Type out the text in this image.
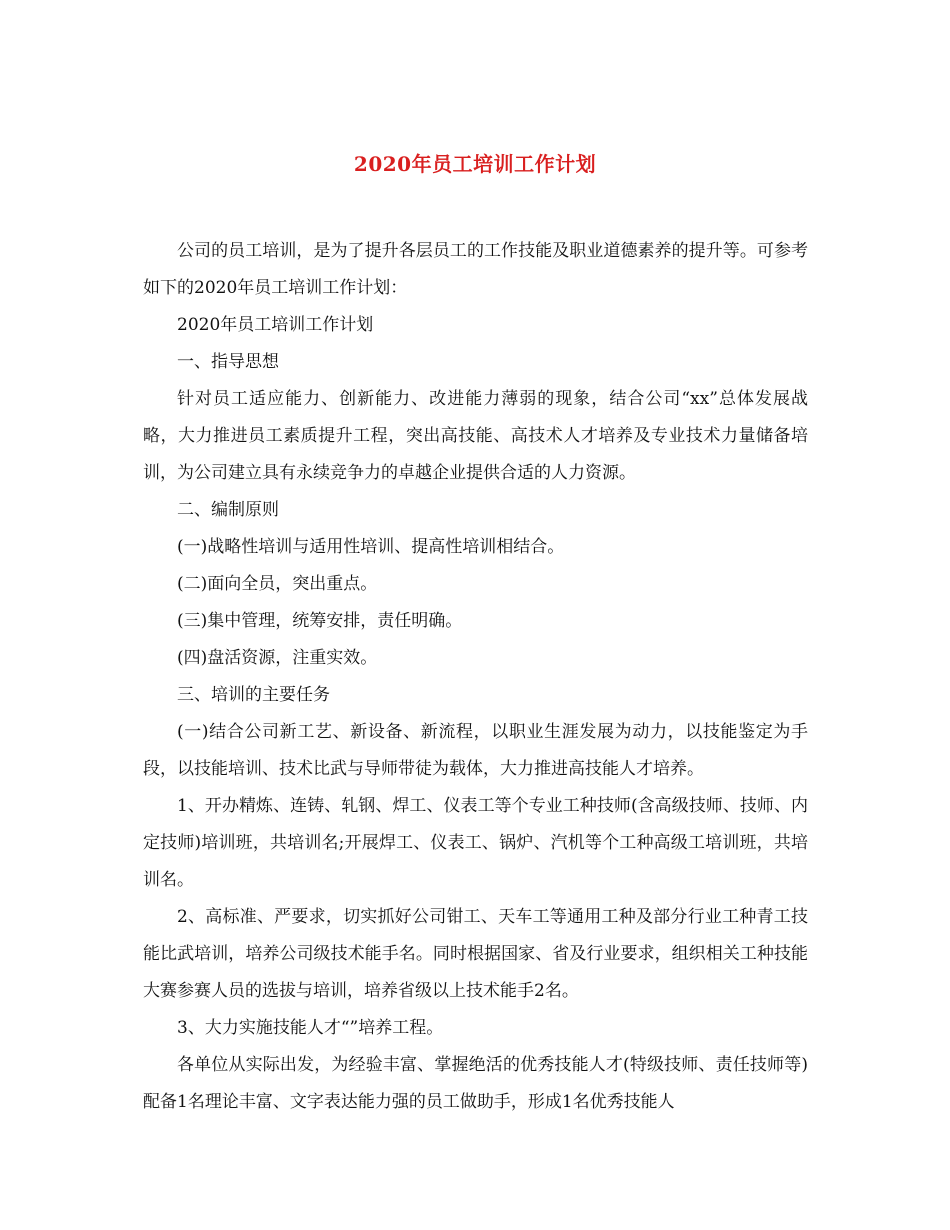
2020年员工培训工作计划

公司的员工培训，是为了提升各层员工的工作技能及职业道德素养的提升等。可参考如下的2020年员工培训工作计划：

2020年员工培训工作计划

一、指导思想

针对员工适应能力、创新能力、改进能力薄弱的现象，结合公司“xx”总体发展战略，大力推进员工素质提升工程，突出高技能、高技术人才培养及专业技术力量储备培训，为公司建立具有永续竞争力的卓越企业提供合适的人力资源。

二、编制原则

(一)战略性培训与适用性培训、提高性培训相结合。

(二)面向全员，突出重点。

(三)集中管理，统筹安排，责任明确。

(四)盘活资源，注重实效。

三、培训的主要任务

(一)结合公司新工艺、新设备、新流程，以职业生涯发展为动力，以技能鉴定为手段，以技能培训、技术比武与导师带徒为载体，大力推进高技能人才培养。

1、开办精炼、连铸、轧钢、焊工、仪表工等个专业工种技师(含高级技师、技师、内定技师)培训班，共培训名;开展焊工、仪表工、锅炉、汽机等个工种高级工培训班，共培训名。

2、高标准、严要求，切实抓好公司钳工、天车工等通用工种及部分行业工种青工技能比武培训，培养公司级技术能手名。同时根据国家、省及行业要求，组织相关工种技能大赛参赛人员的选拔与培训，培养省级以上技术能手2名。

3、大力实施技能人才“”培养工程。

各单位从实际出发，为经验丰富、掌握绝活的优秀技能人才(特级技师、责任技师等)配备1名理论丰富、文字表达能力强的员工做助手，形成1名优秀技能人
